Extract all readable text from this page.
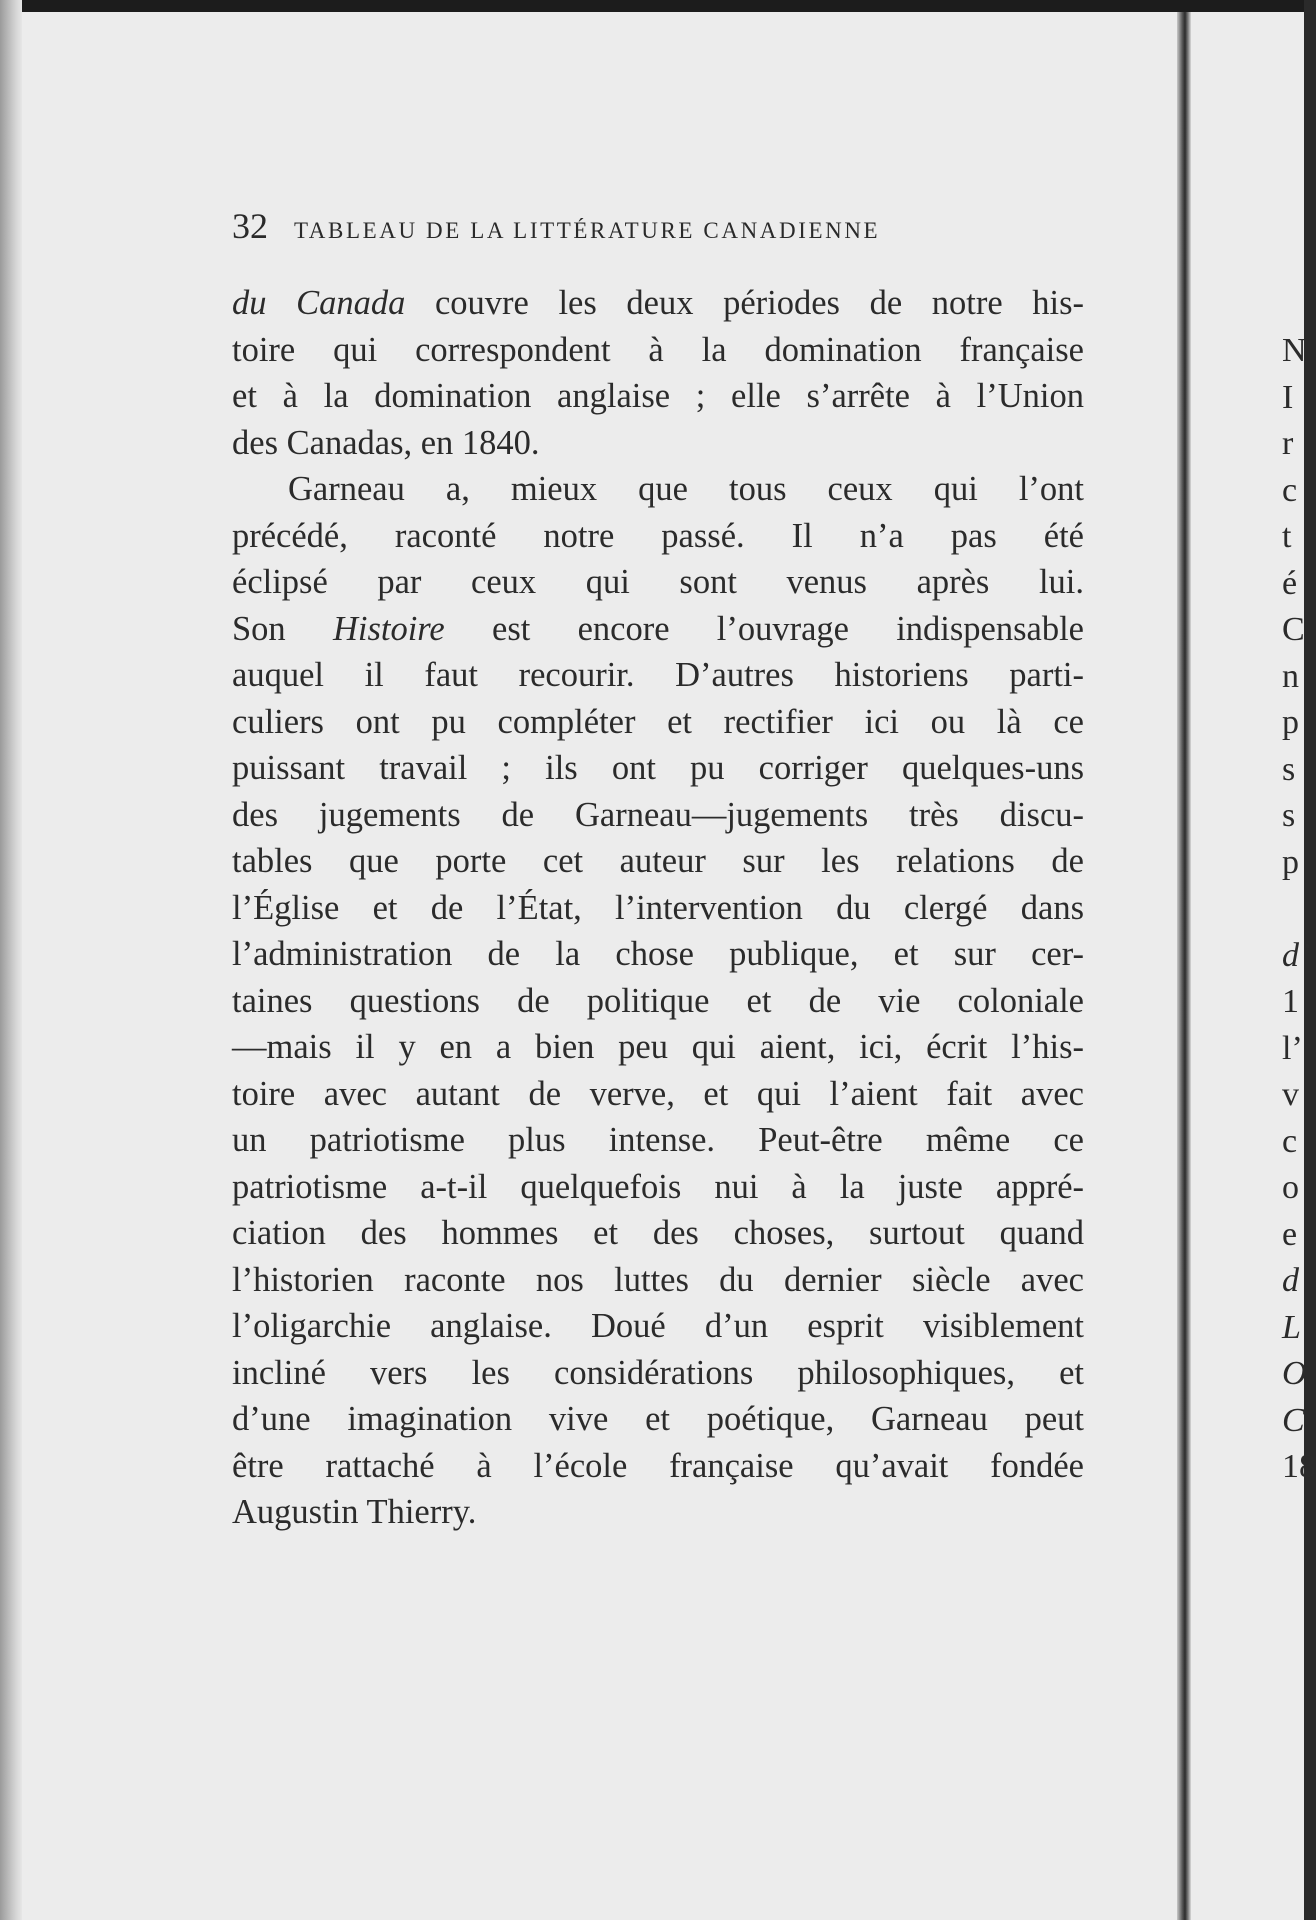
32 TABLEAU DE LA LITTÉRATURE CANADIENNE
du Canada couvre les deux périodes de notre his-
toire qui correspondent à la domination française
et à la domination anglaise ; elle s’arrête à l’Union
des Canadas, en 1840.
Garneau a, mieux que tous ceux qui l’ont
précédé, raconté notre passé. Il n’a pas été
éclipsé par ceux qui sont venus après lui.
Son Histoire est encore l’ouvrage indispensable
auquel il faut recourir. D’autres historiens parti-
culiers ont pu compléter et rectifier ici ou là ce
puissant travail ; ils ont pu corriger quelques-uns
des jugements de Garneau—jugements très discu-
tables que porte cet auteur sur les relations de
l’Église et de l’État, l’intervention du clergé dans
l’administration de la chose publique, et sur cer-
taines questions de politique et de vie coloniale
—mais il y en a bien peu qui aient, ici, écrit l’his-
toire avec autant de verve, et qui l’aient fait avec
un patriotisme plus intense. Peut-être même ce
patriotisme a-t-il quelquefois nui à la juste appré-
ciation des hommes et des choses, surtout quand
l’historien raconte nos luttes du dernier siècle avec
l’oligarchie anglaise. Doué d’un esprit visiblement
incliné vers les considérations philosophiques, et
d’une imagination vive et poétique, Garneau peut
être rattaché à l’école française qu’avait fondée
Augustin Thierry.
N
I
r
c
t
é
C
n
p
s
s
p
d’
1
l’
v
c
o
e
d
L
O
C
18
